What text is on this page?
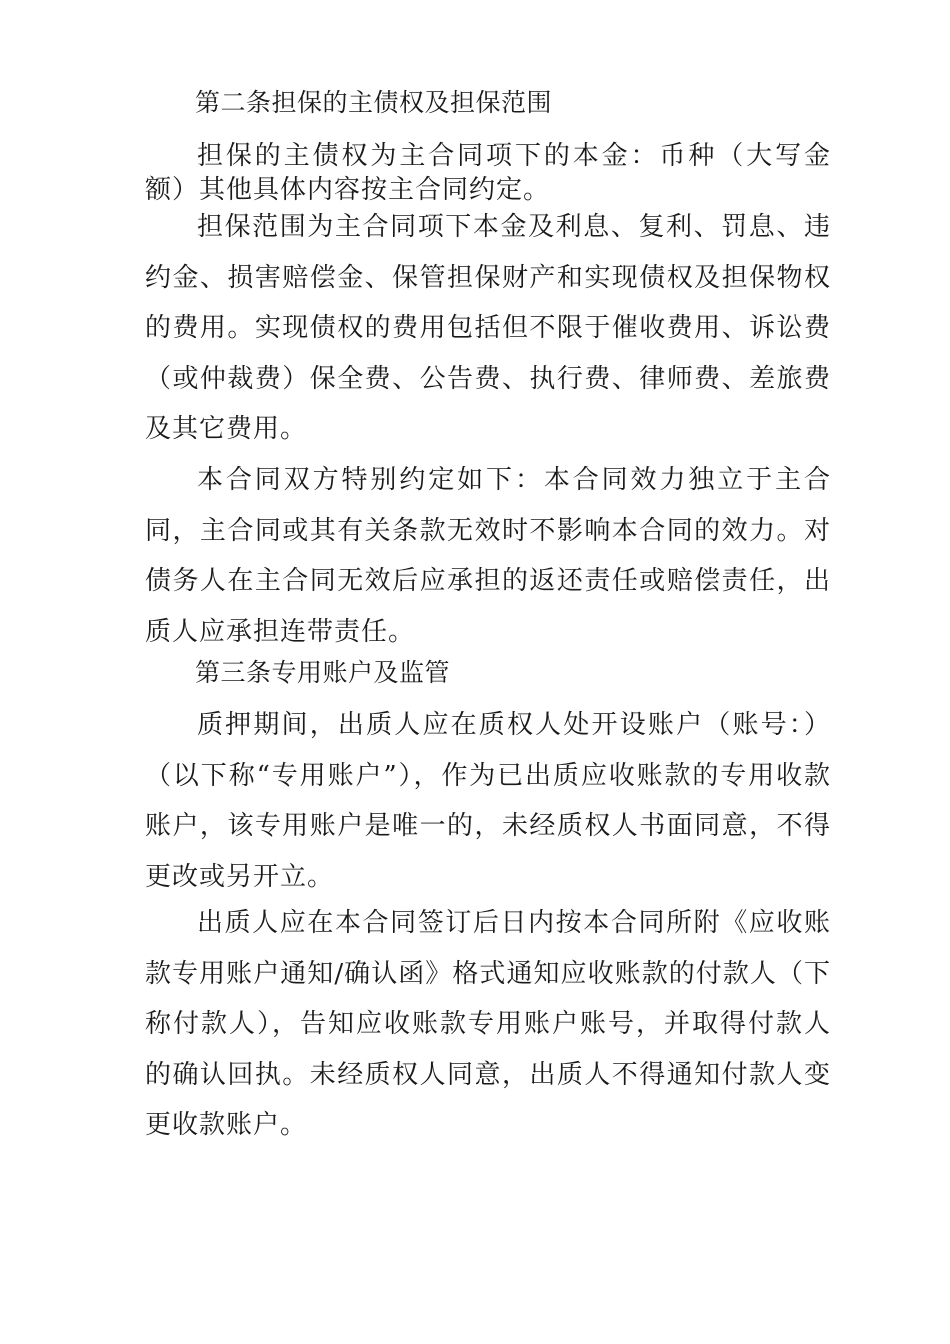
第二条担保的主债权及担保范围

担保的主债权为主合同项下的本金：币种（大写金额）其他具体内容按主合同约定。

担保范围为主合同项下本金及利息、复利、罚息、违约金、损害赔偿金、保管担保财产和实现债权及担保物权的费用。实现债权的费用包括但不限于催收费用、诉讼费（或仲裁费）保全费、公告费、执行费、律师费、差旅费及其它费用。

本合同双方特别约定如下：本合同效力独立于主合同，主合同或其有关条款无效时不影响本合同的效力。对债务人在主合同无效后应承担的返还责任或赔偿责任，出质人应承担连带责任。

第三条专用账户及监管

质押期间，出质人应在质权人处开设账户（账号：）（以下称“专用账户”），作为已出质应收账款的专用收款账户，该专用账户是唯一的，未经质权人书面同意，不得更改或另开立。

出质人应在本合同签订后日内按本合同所附《应收账款专用账户通知/确认函》格式通知应收账款的付款人（下称付款人），告知应收账款专用账户账号，并取得付款人的确认回执。未经质权人同意，出质人不得通知付款人变更收款账户。
